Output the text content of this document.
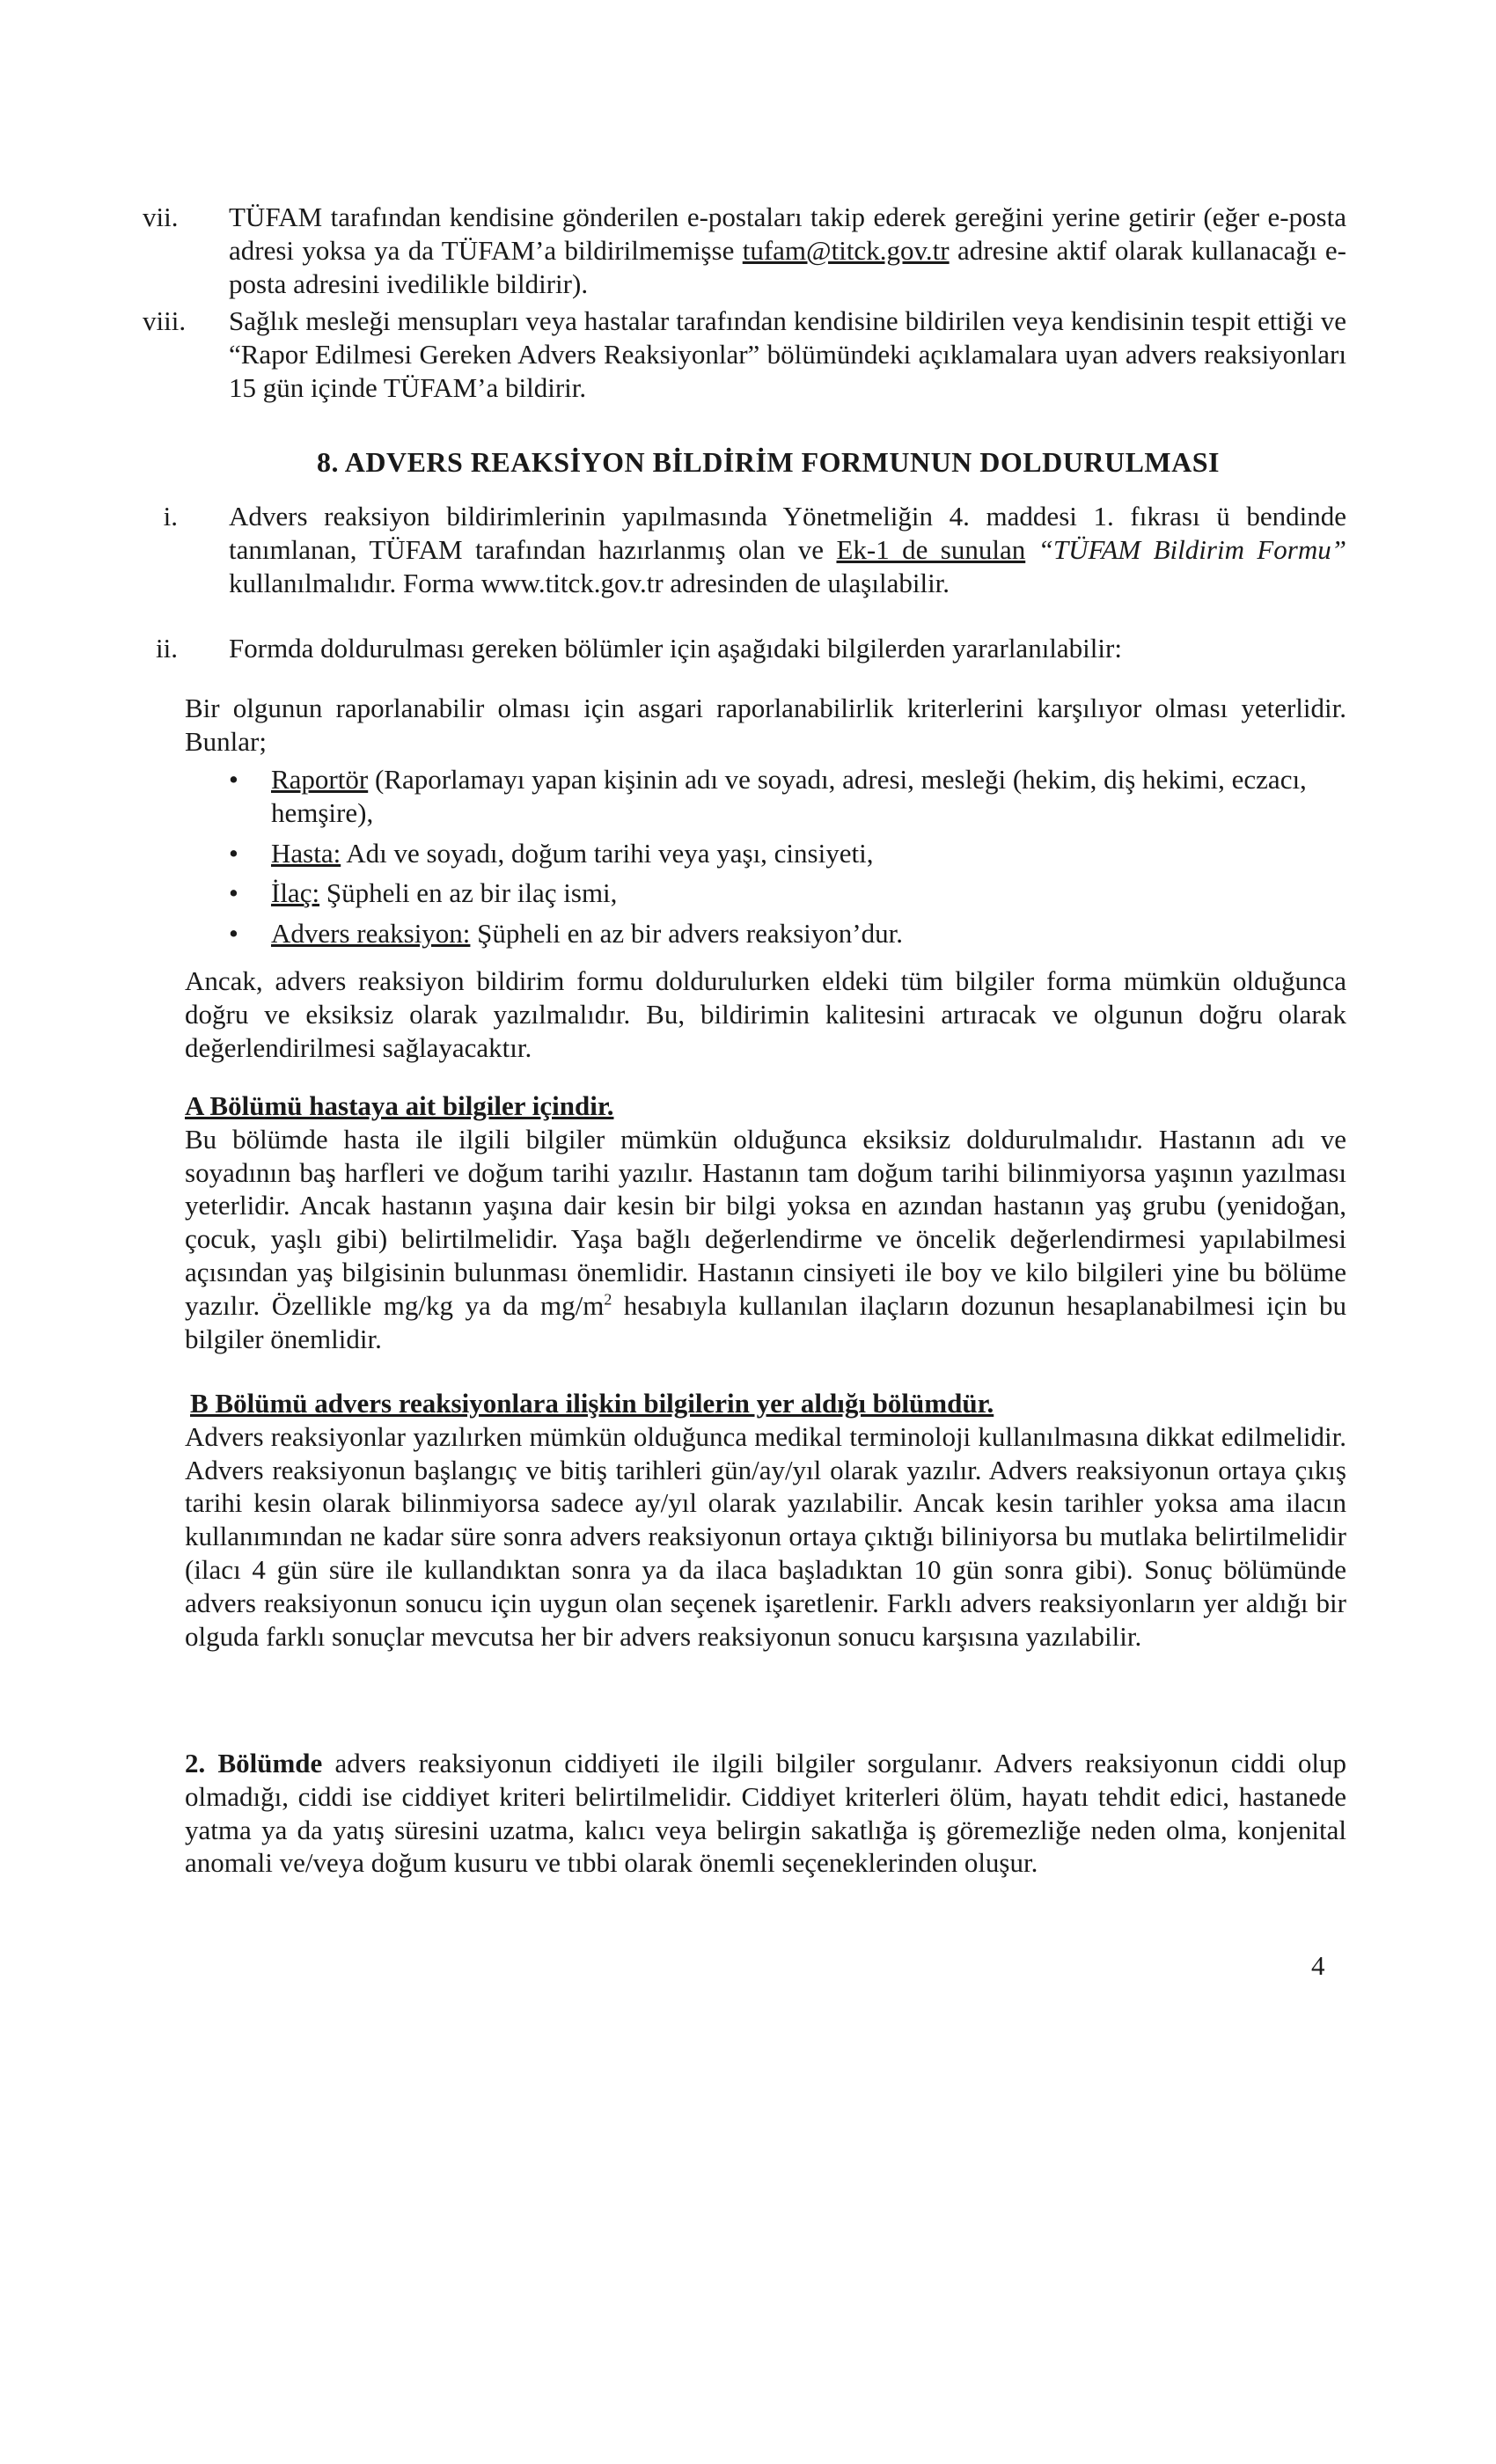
vii. TÜFAM tarafından kendisine gönderilen e-postaları takip ederek gereğini yerine getirir (eğer e-posta adresi yoksa ya da TÜFAM’a bildirilmemişse tufam@titck.gov.tr adresine aktif olarak kullanacağı e-posta adresini ivedilikle bildirir).
viii. Sağlık mesleği mensupları veya hastalar tarafından kendisine bildirilen veya kendisinin tespit ettiği ve “Rapor Edilmesi Gereken Advers Reaksiyonlar” bölümündeki açıklamalara uyan advers reaksiyonları 15 gün içinde TÜFAM’a bildirir.
8. ADVERS REAKSİYON BİLDİRİM FORMUNUN DOLDURULMASI
i. Advers reaksiyon bildirimlerinin yapılmasında Yönetmeliğin 4. maddesi 1. fıkrası ü bendinde tanımlanan, TÜFAM tarafından hazırlanmış olan ve Ek-1 de sunulan “TÜFAM Bildirim Formu” kullanılmalıdır. Forma www.titck.gov.tr adresinden de ulaşılabilir.
ii. Formda doldurulması gereken bölümler için aşağıdaki bilgilerden yararlanılabilir:
Bir olgunun raporlanabilir olması için asgari raporlanabilirlik kriterlerini karşılıyor olması yeterlidir. Bunlar;
• Raportör (Raporlamayı yapan kişinin adı ve soyadı, adresi, mesleği (hekim, diş hekimi, eczacı, hemşire),
• Hasta: Adı ve soyadı, doğum tarihi veya yaşı, cinsiyeti,
• İlaç: Şüpheli en az bir ilaç ismi,
• Advers reaksiyon: Şüpheli en az bir advers reaksiyon’dur.
Ancak, advers reaksiyon bildirim formu doldurulurken eldeki tüm bilgiler forma mümkün olduğunca doğru ve eksiksiz olarak yazılmalıdır. Bu, bildirimin kalitesini artıracak ve olgunun doğru olarak değerlendirilmesi sağlayacaktır.
A Bölümü hastaya ait bilgiler içindir.
Bu bölümde hasta ile ilgili bilgiler mümkün olduğunca eksiksiz doldurulmalıdır. Hastanın adı ve soyadının baş harfleri ve doğum tarihi yazılır. Hastanın tam doğum tarihi bilinmiyorsa yaşının yazılması yeterlidir. Ancak hastanın yaşına dair kesin bir bilgi yoksa en azından hastanın yaş grubu (yenidoğan, çocuk, yaşlı gibi) belirtilmelidir. Yaşa bağlı değerlendirme ve öncelik değerlendirmesi yapılabilmesi açısından yaş bilgisinin bulunması önemlidir. Hastanın cinsiyeti ile boy ve kilo bilgileri yine bu bölüme yazılır. Özellikle mg/kg ya da $mg/m^2$ hesabıyla kullanılan ilaçların dozunun hesaplanabilmesi için bu bilgiler önemlidir.
B Bölümü advers reaksiyonlara ilişkin bilgilerin yer aldığı bölümdür.
Advers reaksiyonlar yazılırken mümkün olduğunca medikal terminoloji kullanılmasına dikkat edilmelidir. Advers reaksiyonun başlangıç ve bitiş tarihleri gün/ay/yıl olarak yazılır. Advers reaksiyonun ortaya çıkış tarihi kesin olarak bilinmiyorsa sadece ay/yıl olarak yazılabilir. Ancak kesin tarihler yoksa ama ilacın kullanımından ne kadar süre sonra advers reaksiyonun ortaya çıktığı biliniyorsa bu mutlaka belirtilmelidir (ilacı 4 gün süre ile kullandıktan sonra ya da ilaca başladıktan 10 gün sonra gibi). Sonuç bölümünde advers reaksiyonun sonucu için uygun olan seçenek işaretlenir. Farklı advers reaksiyonların yer aldığı bir olguda farklı sonuçlar mevcutsa her bir advers reaksiyonun sonucu karşısına yazılabilir.
2. Bölümde advers reaksiyonun ciddiyeti ile ilgili bilgiler sorgulanır. Advers reaksiyonun ciddi olup olmadığı, ciddi ise ciddiyet kriteri belirtilmelidir. Ciddiyet kriterleri ölüm, hayatı tehdit edici, hastanede yatma ya da yatış süresini uzatma, kalıcı veya belirgin sakatlığa iş göremezliğe neden olma, konjenital anomali ve/veya doğum kusuru ve tıbbi olarak önemli seçeneklerinden oluşur.
4
